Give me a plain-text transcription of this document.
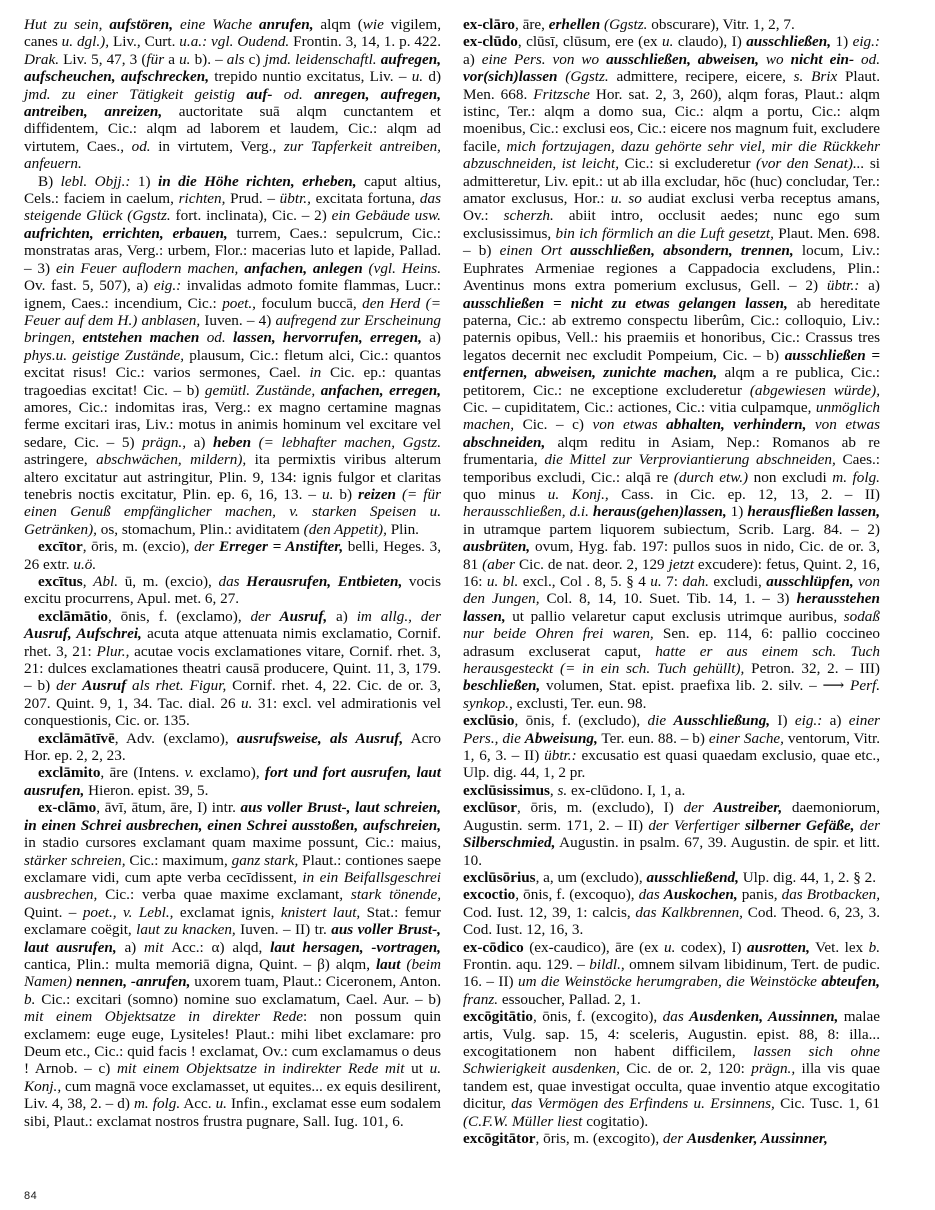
Hut zu sein, aufstören, eine Wache anrufen, alqm (wie vigilem, canes u. dgl.), Liv., Curt. u.a.: vgl. Oudend. Frontin. 3, 14, 1. p. 422. Drak. Liv. 5, 47, 3 (für a u. b). – als c) jmd. leidenschaftl. aufregen, aufscheuchen, aufschrecken, trepido nuntio excitatus, Liv. – u. d) jmd. zu einer Tätigkeit geistig auf- od. anregen, aufregen, antreiben, anreizen, auctoritate suā alqm cunctantem et diffidentem, Cic.: alqm ad laborem et laudem, Cic.: alqm ad virtutem, Caes., od. in virtutem, Verg., zur Tapferkeit antreiben, anfeuern.

B) lebl. Objj.: 1) in die Höhe richten, erheben, caput altius, Cels.: faciem in caelum, richten, Prud. – übtr., excitata fortuna, das steigende Glück (Ggstz. fort. inclinata), Cic. – 2) ein Gebäude usw. aufrichten, errichten, erbauen, turrem, Caes.: sepulcrum, Cic.: monstratas aras, Verg.: urbem, Flor.: macerias luto et lapide, Pallad. – 3) ein Feuer auflodern machen, anfachen, anlegen (vgl. Heins. Ov. fast. 5, 507), a) eig.: invalidas admoto fomite flammas, Lucr.: ignem, Caes.: incendium, Cic.: poet., foculum buccā, den Herd (= Feuer auf dem H.) anblasen, Iuven. – 4) aufregend zur Erscheinung bringen, entstehen machen od. lassen, hervorrufen, erregen, a) phys.u. geistige Zustände, plausum, Cic.: fletum alci, Cic.: quantos excitat risus! Cic.: varios sermones, Cael. in Cic. ep.: quantas tragoedias excitat! Cic. – b) gemütl. Zustände, anfachen, erregen, amores, Cic.: indomitas iras, Verg.: ex magno certamine magnas ferme excitari iras, Liv.: motus in animis hominum vel excitare vel sedare, Cic. – 5) prägn., a) heben (= lebhafter machen, Ggstz. astringere, abschwächen, mildern), ita permixtis viribus alterum altero excitatur aut astringitur, Plin. 9, 134: ignis fulgor et claritas tenebris noctis excitatur, Plin. ep. 6, 16, 13. – u. b) reizen (= für einen Genuß empfänglicher machen, v. starken Speisen u. Getränken), os, stomachum, Plin.: aviditatem (den Appetit), Plin.

excītor, ōris, m. (excio), der Erreger = Anstifter, belli, Heges. 3, 26 extr. u.ö.

excītus, Abl. ū, m. (excio), das Herausrufen, Entbieten, vocis excitu procurrens, Apul. met. 6, 27.

exclāmātio, ōnis, f. (exclamo), der Ausruf, a) im allg., der Ausruf, Aufschrei, acuta atque attenuata nimis exclamatio, Cornif. rhet. 3, 21: Plur., acutae vocis exclamationes vitare, Cornif. rhet. 3, 21: dulces exclamationes theatri causā producere, Quint. 11, 3, 179. – b) der Ausruf als rhet. Figur, Cornif. rhet. 4, 22. Cic. de or. 3, 207. Quint. 9, 1, 34. Tac. dial. 26 u. 31: excl. vel admirationis vel conquestionis, Cic. or. 135.

exclāmātīvē, Adv. (exclamo), ausrufsweise, als Ausruf, Acro Hor. ep. 2, 2, 23.

exclāmito, āre (Intens. v. exclamo), fort und fort ausrufen, laut ausrufen, Hieron. epist. 39, 5.

ex-clāmo, āvī, ātum, āre, I) intr. aus voller Brust-, laut schreien, in einen Schrei ausbrechen, einen Schrei ausstoßen, aufschreien, in stadio cursores exclamant quam maxime possunt, Cic.: maius, stärker schreien, Cic.: maximum, ganz stark, Plaut.: contiones saepe exclamare vidi, cum apte verba cecīdissent, in ein Beifallsgeschrei ausbrechen, Cic.: verba quae maxime exclamant, stark tönende, Quint. – poet., v. Lebl., exclamat ignis, knistert laut, Stat.: femur exclamare coëgit, laut zu knacken, Iuven. – II) tr. aus voller Brust-, laut ausrufen, a) mit Acc.: α) alqd, laut hersagen, -vortragen, cantica, Plin.: multa memoriā digna, Quint. – β) alqm, laut (beim Namen) nennen, -anrufen, uxorem tuam, Plaut.: Ciceronem, Anton. b. Cic.: excitari (somno) nomine suo exclamatum, Cael. Aur. – b) mit einem Objektsatze in direkter Rede: non possum quin exclamem: euge euge, Lysiteles! Plaut.: mihi libet exclamare: pro Deum etc., Cic.: quid facis ! exclamat, Ov.: cum exclamamus o deus ! Arnob. – c) mit einem Objektsatze in indirekter Rede mit ut u. Konj., cum magnā voce exclamasset, ut equites... ex equis desilirent, Liv. 4, 38, 2. – d) m. folg. Acc. u. Infin., exclamat esse eum sodalem sibi, Plaut.: exclamat nostros frustra pugnare, Sall. Iug. 101, 6.

ex-clāro, āre, erhellen (Ggstz. obscurare), Vitr. 1, 2, 7.

ex-clūdo, clūsī, clūsum, ere (ex u. claudo), I) ausschließen, 1) eig.: a) eine Pers. von wo ausschließen, abweisen, wo nicht ein- od. vor(sich)lassen (Ggstz. admittere, recipere, eicere, s. Brix Plaut. Men. 668. Fritzsche Hor. sat. 2, 3, 260), alqm foras, Plaut.: alqm istinc, Ter.: alqm a domo sua, Cic.: alqm a portu, Cic.: alqm moenibus, Cic.: exclusi eos, Cic.: eicere nos magnum fuit, excludere facile, mich fortzujagen, dazu gehörte sehr viel, mir die Rückkehr abzuschneiden, ist leicht, Cic.: si excluderetur (vor den Senat)... si admitteretur, Liv. epit.: ut ab illa excludar, hōc (huc) concludar, Ter.: amator exclusus, Hor.: u. so audiat exclusi verba receptus amans, Ov.: scherzh. abiit intro, occlusit aedes; nunc ego sum exclusissimus, bin ich förmlich an die Luft gesetzt, Plaut. Men. 698. – b) einen Ort ausschließen, absondern, trennen, locum, Liv.: Euphrates Armeniae regiones a Cappadocia excludens, Plin.: Aventinus mons extra pomerium exclusus, Gell. – 2) übtr.: a) ausschließen = nicht zu etwas gelangen lassen, ab hereditate paterna, Cic.: ab extremo conspectu liberûm, Cic.: colloquio, Liv.: paternis opibus, Vell.: his praemiis et honoribus, Cic.: Crassus tres legatos decernit nec excludit Pompeium, Cic. – b) ausschließen = entfernen, abweisen, zunichte machen, alqm a re publica, Cic.: petitorem, Cic.: ne exceptione excluderetur (abgewiesen würde), Cic. – cupiditatem, Cic.: actiones, Cic.: vitia culpamque, unmöglich machen, Cic. – c) von etwas abhalten, verhindern, von etwas abschneiden, alqm reditu in Asiam, Nep.: Romanos ab re frumentaria, die Mittel zur Verproviantierung abschneiden, Caes.: temporibus excludi, Cic.: alqā re (durch etw.) non excludi m. folg. quo minus u. Konj., Cass. in Cic. ep. 12, 13, 2. – II) herausschließen, d.i. heraus(gehen)lassen, 1) herausfließen lassen, in utramque partem liquorem subiectum, Scrib. Larg. 84. – 2) ausbrüten, ovum, Hyg. fab. 197: pullos suos in nido, Cic. de or. 3, 81 (aber Cic. de nat. deor. 2, 129 jetzt excudere): fetus, Quint. 2, 16, 16: u. bl. excl., Col . 8, 5. § 4 u. 7: dah. excludi, ausschlüpfen, von den Jungen, Col. 8, 14, 10. Suet. Tib. 14, 1. – 3) herausstehen lassen, ut pallio velaretur caput exclusis utrimque auribus, sodaß nur beide Ohren frei waren, Sen. ep. 114, 6: pallio coccineo adrasum excluserat caput, hatte er aus einem sch. Tuch herausgesteckt (= in ein sch. Tuch gehüllt), Petron. 32, 2. – III) beschließen, volumen, Stat. epist. praefixa lib. 2. silv. – ⟶ Perf. synkop., exclusti, Ter. eun. 98.

exclūsio, ōnis, f. (excludo), die Ausschließung, I) eig.: a) einer Pers., die Abweisung, Ter. eun. 88. – b) einer Sache, ventorum, Vitr. 1, 6, 3. – II) übtr.: excusatio est quasi quaedam exclusio, quae etc., Ulp. dig. 44, 1, 2 pr.

exclūsissimus, s. ex-clūdono. I, 1, a.

exclūsor, ōris, m. (excludo), I) der Austreiber, daemoniorum, Augustin. serm. 171, 2. – II) der Verfertiger silberner Gefäße, der Silberschmied, Augustin. in psalm. 67, 39. Augustin. de spir. et litt. 10.

exclūsōrius, a, um (excludo), ausschließend, Ulp. dig. 44, 1, 2. § 2.

excoctio, ōnis, f. (excoquo), das Auskochen, panis, das Brotbacken, Cod. Iust. 12, 39, 1: calcis, das Kalkbrennen, Cod. Theod. 6, 23, 3. Cod. Iust. 12, 16, 3.

ex-cōdico (ex-caudico), āre (ex u. codex), I) ausrotten, Vet. lex b. Frontin. aqu. 129. – bildl., omnem silvam libidinum, Tert. de pudic. 16. – II) um die Weinstöcke herumgraben, die Weinstöcke abteufen, franz. essoucher, Pallad. 2, 1.

excōgitātio, ōnis, f. (excogito), das Ausdenken, Aussinnen, malae artis, Vulg. sap. 15, 4: sceleris, Augustin. epist. 88, 8: illa... excogitationem non habent difficilem, lassen sich ohne Schwierigkeit ausdenken, Cic. de or. 2, 120: prägn., illa vis quae tandem est, quae investigat occulta, quae inventio atque excogitatio dicitur, das Vermögen des Erfindens u. Ersinnens, Cic. Tusc. 1, 61 (C.F.W. Müller liest cogitatio).

excōgitātor, ōris, m. (excogito), der Ausdenker, Aussinner,

84
